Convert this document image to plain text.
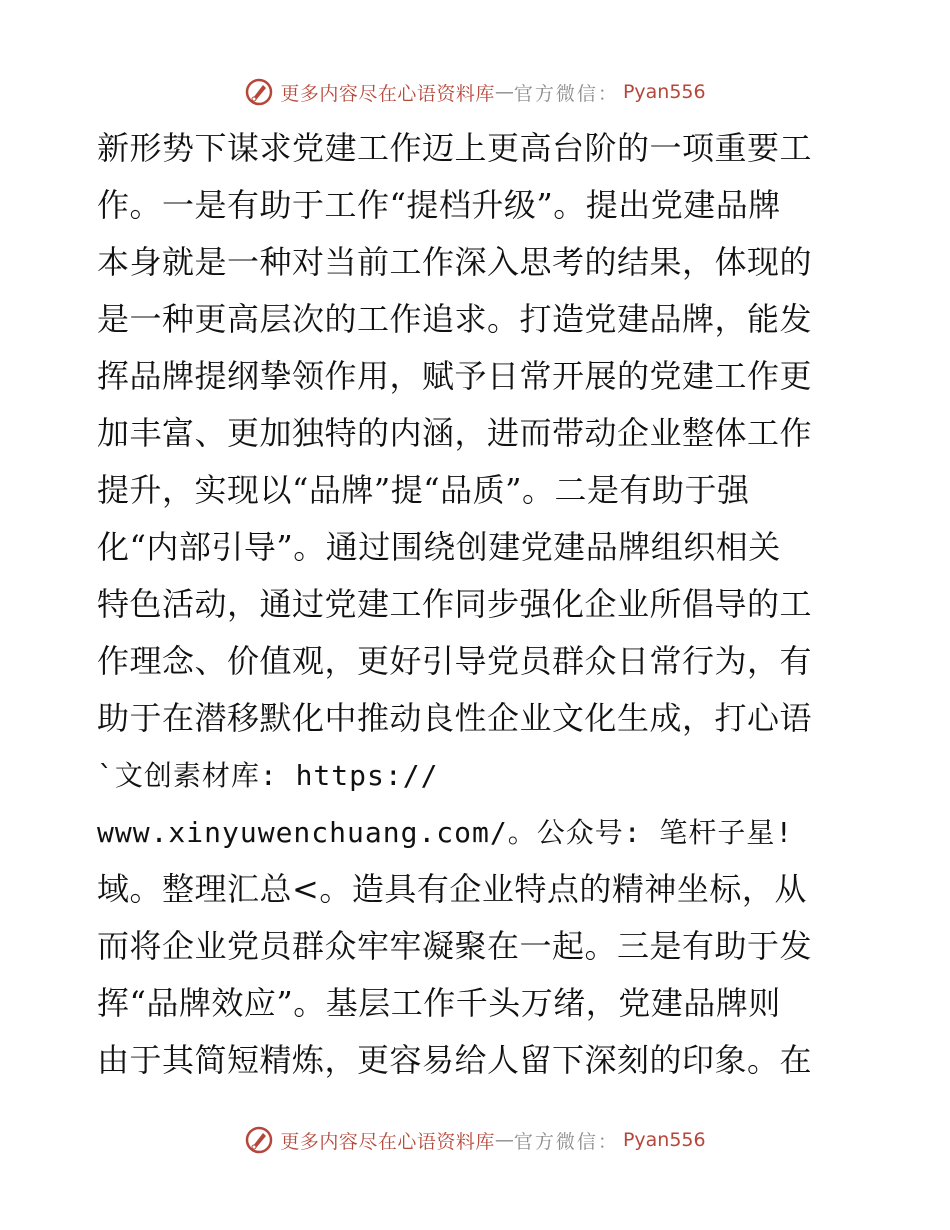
更多内容尽在心语资料库 — 官方微信： Pyan556
新形势下谋求党建工作迈上更高台阶的一项重要工
作。一是有助于工作“提档升级”。提出党建品牌
本身就是一种对当前工作深入思考的结果，体现的
是一种更高层次的工作追求。打造党建品牌，能发
挥品牌提纲挚领作用，赋予日常开展的党建工作更
加丰富、更加独特的内涵，进而带动企业整体工作
提升，实现以“品牌”提“品质”。二是有助于强
化“内部引导”。通过围绕创建党建品牌组织相关
特色活动，通过党建工作同步强化企业所倡导的工
作理念、价值观，更好引导党员群众日常行为，有
助于在潜移默化中推动良性企业文化生成，打心语
`文创素材库: https://
www.xinyuwenchuang.com/。公众号: 笔杆子星!
域。整理汇总<。造具有企业特点的精神坐标，从
而将企业党员群众牢牢凝聚在一起。三是有助于发
挥“品牌效应”。基层工作千头万绪，党建品牌则
由于其简短精炼，更容易给人留下深刻的印象。在
更多内容尽在心语资料库 — 官方微信： Pyan556
